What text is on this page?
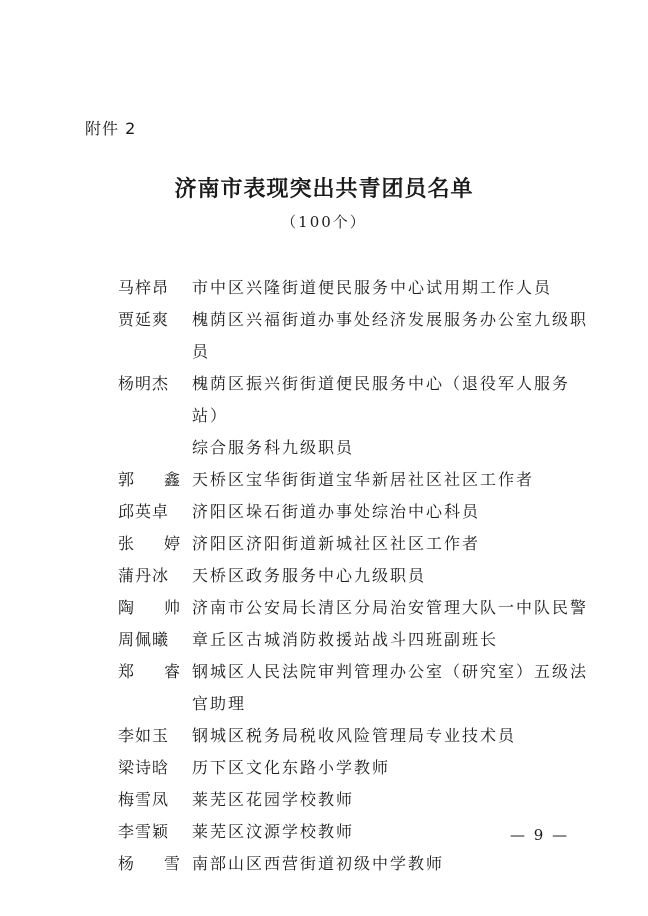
附件 2
济南市表现突出共青团员名单
（100个）
马梓昂	市中区兴隆街道便民服务中心试用期工作人员
贾延爽	槐荫区兴福街道办事处经济发展服务办公室九级职员
杨明杰	槐荫区振兴街街道便民服务中心（退役军人服务站）
综合服务科九级职员
郭 鑫 天桥区宝华街街道宝华新居社区社区工作者
邱英卓	济阳区垛石街道办事处综治中心科员
张 婷 济阳区济阳街道新城社区社区工作者
蒲丹冰	天桥区政务服务中心九级职员
陶 帅 济南市公安局长清区分局治安管理大队一中队民警
周佩曦	章丘区古城消防救援站战斗四班副班长
郑 睿 钢城区人民法院审判管理办公室（研究室）五级法
官助理
李如玉	钢城区税务局税收风险管理局专业技术员
梁诗晗	历下区文化东路小学教师
梅雪凤	莱芜区花园学校教师
李雪颖	莱芜区汶源学校教师
杨 雪 南部山区西营街道初级中学教师
— 9 —
